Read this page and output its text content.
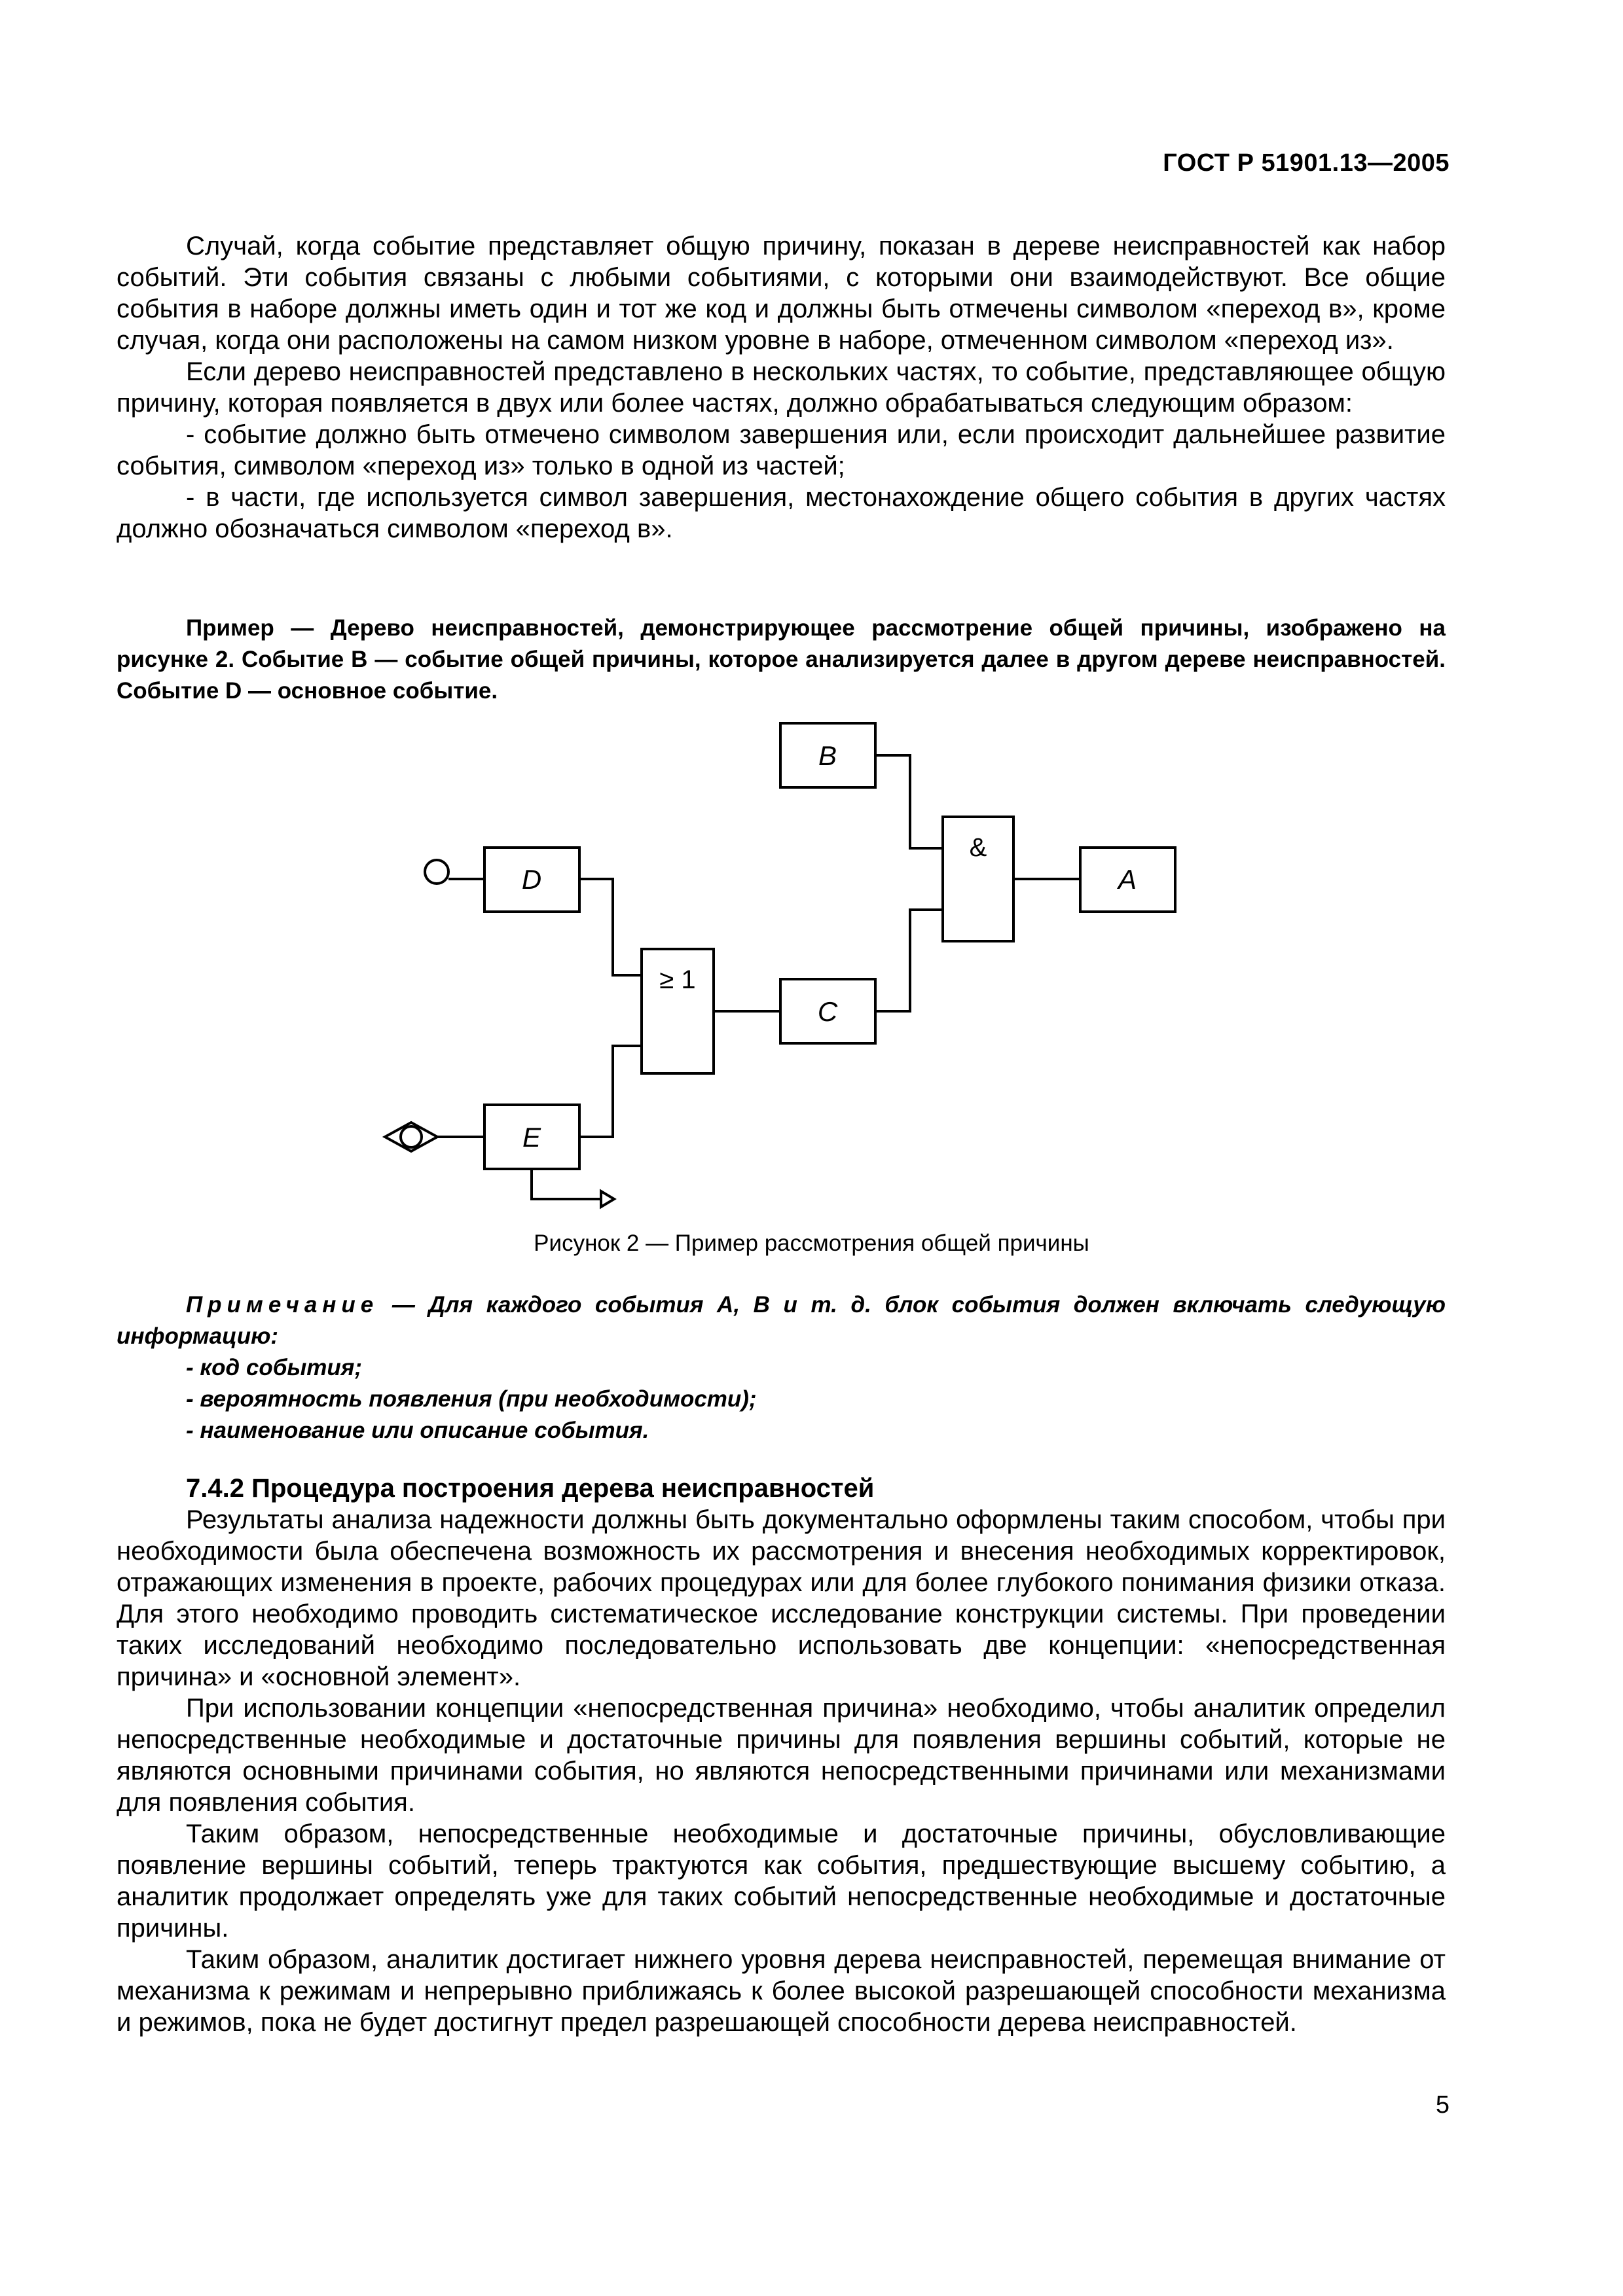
ГОСТ Р 51901.13—2005

Случай, когда событие представляет общую причину, показан в дереве неисправностей как набор событий. Эти события связаны с любыми событиями, с которыми они взаимодействуют. Все общие события в наборе должны иметь один и тот же код и должны быть отмечены символом «переход в», кроме случая, когда они расположены на самом низком уровне в наборе, отмеченном символом «переход из».

Если дерево неисправностей представлено в нескольких частях, то событие, представляющее общую причину, которая появляется в двух или более частях, должно обрабатываться следующим образом:

- событие должно быть отмечено символом завершения или, если происходит дальнейшее развитие события, символом «переход из» только в одной из частей;

- в части, где используется символ завершения, местонахождение общего события в других частях должно обозначаться символом «переход в».

Пример — Дерево неисправностей, демонстрирующее рассмотрение общей причины, изображено на рисунке 2. Событие B — событие общей причины, которое анализируется далее в другом дереве неисправностей. Событие D — основное событие.
B
&
A
D
≥ 1
C
E
Рисунок 2 — Пример рассмотрения общей причины

Примечание — Для каждого события A, B и т. д. блок события должен включать следующую информацию:

- код события;

- вероятность появления (при необходимости);

- наименование или описание события.

7.4.2 Процедура построения дерева неисправностей

Результаты анализа надежности должны быть документально оформлены таким способом, чтобы при необходимости была обеспечена возможность их рассмотрения и внесения необходимых корректировок, отражающих изменения в проекте, рабочих процедурах или для более глубокого понимания физики отказа. Для этого необходимо проводить систематическое исследование конструкции системы. При проведении таких исследований необходимо последовательно использовать две концепции: «непосредственная причина» и «основной элемент».

При использовании концепции «непосредственная причина» необходимо, чтобы аналитик определил непосредственные необходимые и достаточные причины для появления вершины событий, которые не являются основными причинами события, но являются непосредственными причинами или механизмами для появления события.

Таким образом, непосредственные необходимые и достаточные причины, обусловливающие появление вершины событий, теперь трактуются как события, предшествующие высшему событию, а аналитик продолжает определять уже для таких событий непосредственные необходимые и достаточные причины.

Таким образом, аналитик достигает нижнего уровня дерева неисправностей, перемещая внимание от механизма к режимам и непрерывно приближаясь к более высокой разрешающей способности механизма и режимов, пока не будет достигнут предел разрешающей способности дерева неисправностей.

5
